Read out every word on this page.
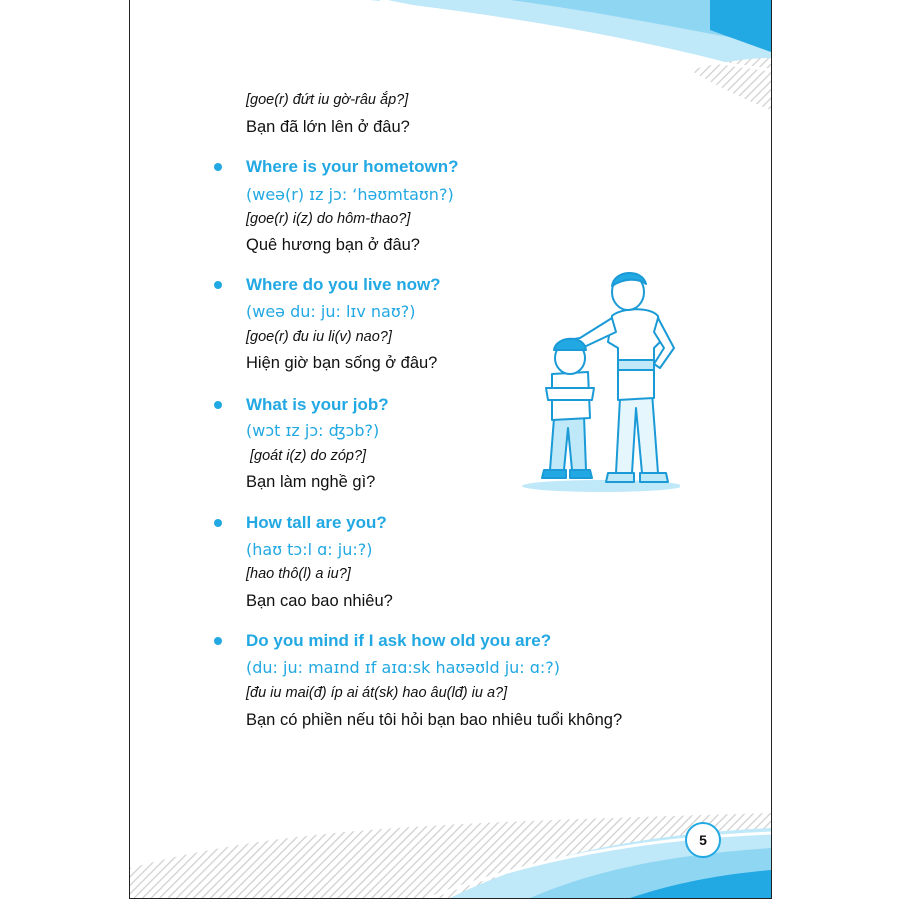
[goe(r) đứt iu gờ-râu ắp?]
Bạn đã lớn lên ở đâu?
Where is your hometown?
(weə(r) ɪz jɔ: ‘həʊmtaʊn?)
[goe(r) i(z) do hôm-thao?]
Quê hương bạn ở đâu?
Where do you live now?
(weə du: ju: lɪv naʊ?)
[goe(r) đu iu li(v) nao?]
Hiện giờ bạn sống ở đâu?
What is your job?
(wɔt ɪz jɔ: ʤɔb?)
[goát i(z) do zóp?]
Bạn làm nghề gì?
How tall are you?
(haʊ tɔ:l ɑ: ju:?)
[hao thô(l) a iu?]
Bạn cao bao nhiêu?
Do you mind if I ask how old you are?
(du: ju: maɪnd ɪf aɪɑ:sk haʊəʊld ju: ɑ:?)
[đu iu mai(đ) íp ai át(sk) hao âu(lđ) iu a?]
Bạn có phiền nếu tôi hỏi bạn bao nhiêu tuổi không?
5
